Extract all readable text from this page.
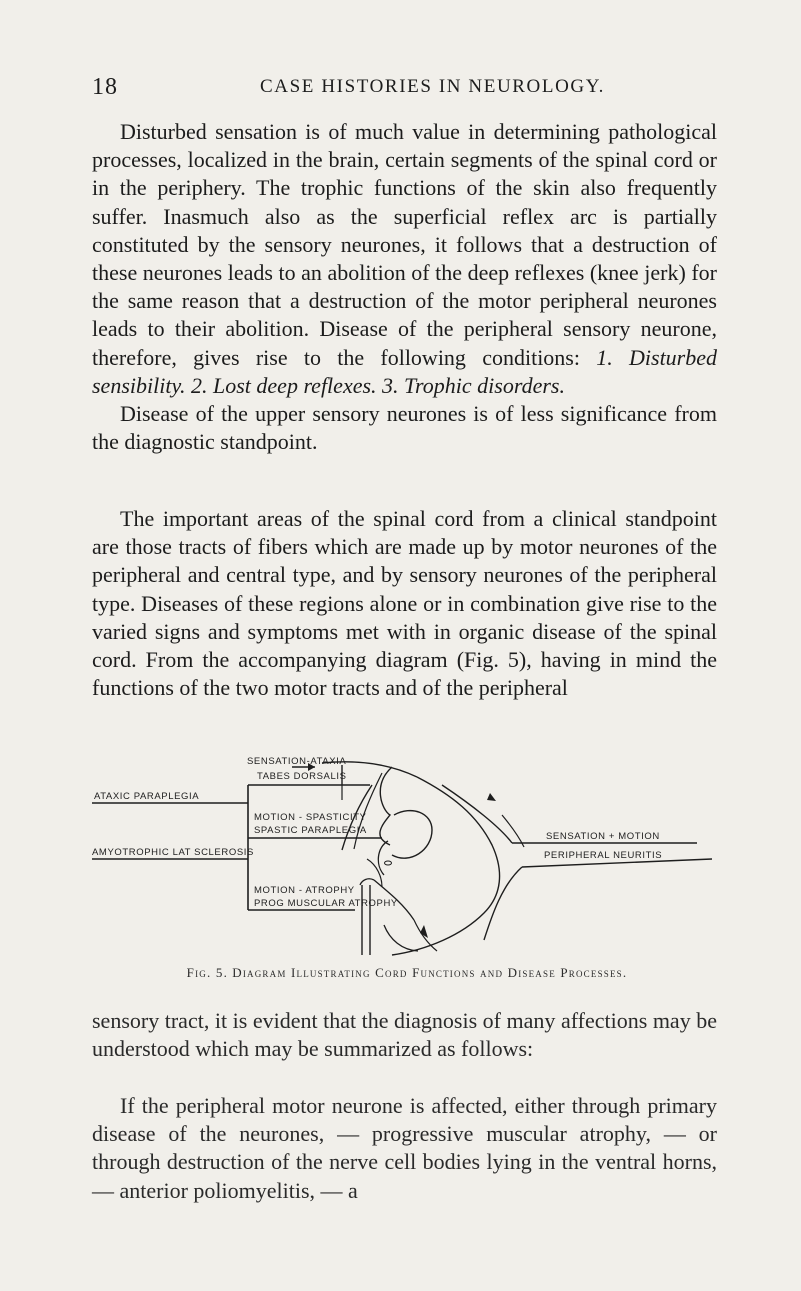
18	CASE HISTORIES IN NEUROLOGY.

Disturbed sensation is of much value in determining pathological processes, localized in the brain, certain segments of the spinal cord or in the periphery. The trophic functions of the skin also frequently suffer. Inasmuch also as the superficial reflex arc is partially constituted by the sensory neurones, it follows that a destruction of these neurones leads to an abolition of the deep reflexes (knee jerk) for the same reason that a destruction of the motor peripheral neurones leads to their abolition. Disease of the peripheral sensory neurone, therefore, gives rise to the following conditions: 1. Disturbed sensibility. 2. Lost deep reflexes. 3. Trophic disorders.

Disease of the upper sensory neurones is of less significance from the diagnostic standpoint.

The important areas of the spinal cord from a clinical standpoint are those tracts of fibers which are made up by motor neurones of the peripheral and central type, and by sensory neurones of the peripheral type. Diseases of these regions alone or in combination give rise to the varied signs and symptoms met with in organic disease of the spinal cord. From the accompanying diagram (Fig. 5), having in mind the functions of the two motor tracts and of the peripheral

SENSATION-ATAXIA
TABES DORSALIS
ATAXIC PARAPLEGIA
MOTION - SPASTICITY
SPASTIC PARAPLEGIA
AMYOTROPHIC LAT SCLEROSIS
MOTION - ATROPHY
PROG MUSCULAR ATROPHY
SENSATION + MOTION
PERIPHERAL NEURITIS
Fig. 5. Diagram Illustrating Cord Functions and Disease Processes.

sensory tract, it is evident that the diagnosis of many affections may be understood which may be summarized as follows:

If the peripheral motor neurone is affected, either through primary disease of the neurones, — progressive muscular atrophy, — or through destruction of the nerve cell bodies lying in the ventral horns, — anterior poliomyelitis, — a
